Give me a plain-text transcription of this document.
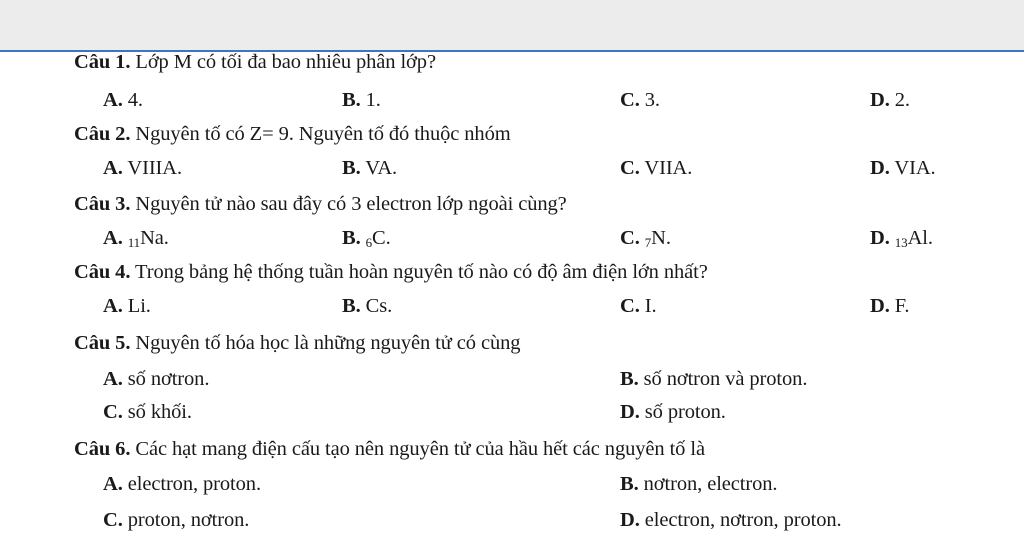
Câu 1. Lớp M có tối đa bao nhiêu phân lớp?
A. 4.	B. 1.	C. 3.	D. 2.
Câu 2. Nguyên tố có Z= 9. Nguyên tố đó thuộc nhóm
A. VIIIA.	B. VA.	C. VIIA.	D. VIA.
Câu 3. Nguyên tử nào sau đây có 3 electron lớp ngoài cùng?
A. $_{11}$Na.	B. $_6$C.	C. $_7$N.	D. $_{13}$Al.
Câu 4. Trong bảng hệ thống tuần hoàn nguyên tố nào có độ âm điện lớn nhất?
A. Li.	B. Cs.	C. I.	D. F.
Câu 5. Nguyên tố hóa học là những nguyên tử có cùng
A. số nơtron.	B. số nơtron và proton.
C. số khối.	D. số proton.
Câu 6. Các hạt mang điện cấu tạo nên nguyên tử của hầu hết các nguyên tố là
A. electron, proton.	B. nơtron, electron.
C. proton, nơtron.	D. electron, nơtron, proton.
